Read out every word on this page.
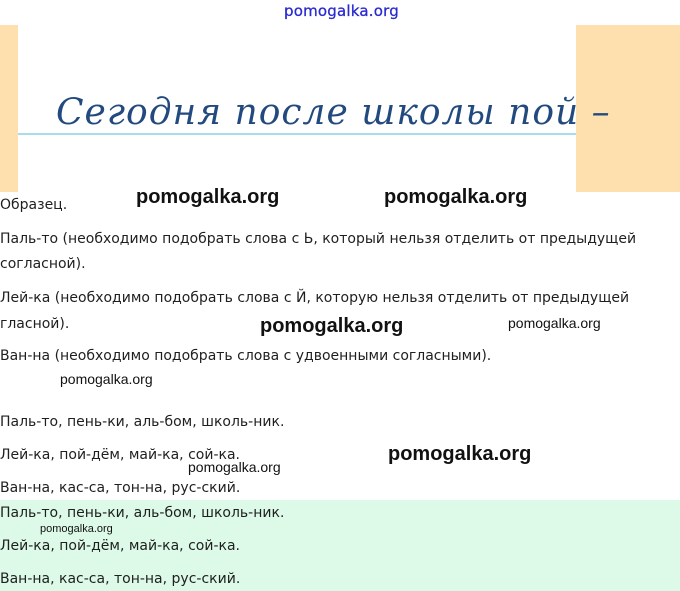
pomogalka.org
Сегодня после школы пой –
Образец.
Паль-то (необходимо подобрать слова с Ь, который нельзя отделить от предыдущей
согласной).
Лей-ка (необходимо подобрать слова с Й, которую нельзя отделить от предыдущей
гласной).
Ван-на (необходимо подобрать слова с удвоенными согласными).
Паль-то, пень-ки, аль-бом, школь-ник.
Лей-ка, пой-дём, май-ка, сой-ка.
Ван-на, кас-са, тон-на, рус-ский.
Паль-то, пень-ки, аль-бом, школь-ник.
Лей-ка, пой-дём, май-ка, сой-ка.
Ван-на, кас-са, тон-на, рус-ский.
pomogalka.org	pomogalka.org
pomogalka.org	pomogalka.org
pomogalka.org
pomogalka.org
pomogalka.org
pomogalka.org
